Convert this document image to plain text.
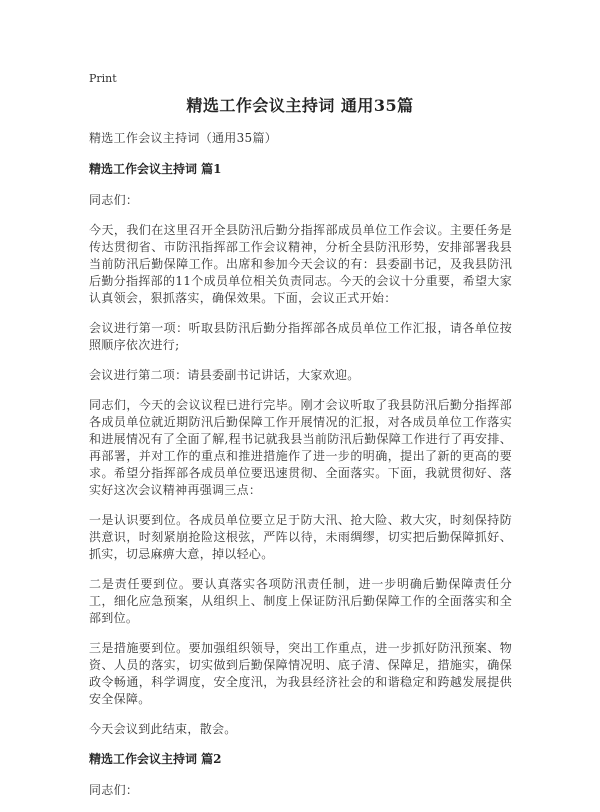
Print
精选工作会议主持词 通用35篇

精选工作会议主持词（通用35篇）

精选工作会议主持词 篇1

同志们：

今天，我们在这里召开全县防汛后勤分指挥部成员单位工作会议。主要任务是传达贯彻省、市防汛指挥部工作会议精神，分析全县防汛形势，安排部署我县当前防汛后勤保障工作。出席和参加今天会议的有：县委副书记，及我县防汛后勤分指挥部的11个成员单位相关负责同志。今天的会议十分重要，希望大家认真领会，狠抓落实，确保效果。下面，会议正式开始：

会议进行第一项：听取县防汛后勤分指挥部各成员单位工作汇报，请各单位按照顺序依次进行;

会议进行第二项：请县委副书记讲话，大家欢迎。

同志们，今天的会议议程已进行完毕。刚才会议听取了我县防汛后勤分指挥部各成员单位就近期防汛后勤保障工作开展情况的汇报，对各成员单位工作落实和进展情况有了全面了解,程书记就我县当前防汛后勤保障工作进行了再安排、再部署，并对工作的重点和推进措施作了进一步的明确，提出了新的更高的要求。希望分指挥部各成员单位要迅速贯彻、全面落实。下面，我就贯彻好、落实好这次会议精神再强调三点：

一是认识要到位。各成员单位要立足于防大汛、抢大险、救大灾，时刻保持防洪意识，时刻紧崩抢险这根弦，严阵以待，未雨绸缪，切实把后勤保障抓好、抓实，切忌麻痹大意，掉以轻心。

二是责任要到位。要认真落实各项防汛责任制，进一步明确后勤保障责任分工，细化应急预案，从组织上、制度上保证防汛后勤保障工作的全面落实和全部到位。

三是措施要到位。要加强组织领导，突出工作重点，进一步抓好防汛预案、物资、人员的落实，切实做到后勤保障情况明、底子清、保障足，措施实，确保政令畅通，科学调度，安全度汛，为我县经济社会的和谐稳定和跨越发展提供安全保障。

今天会议到此结束，散会。

精选工作会议主持词 篇2

同志们：
